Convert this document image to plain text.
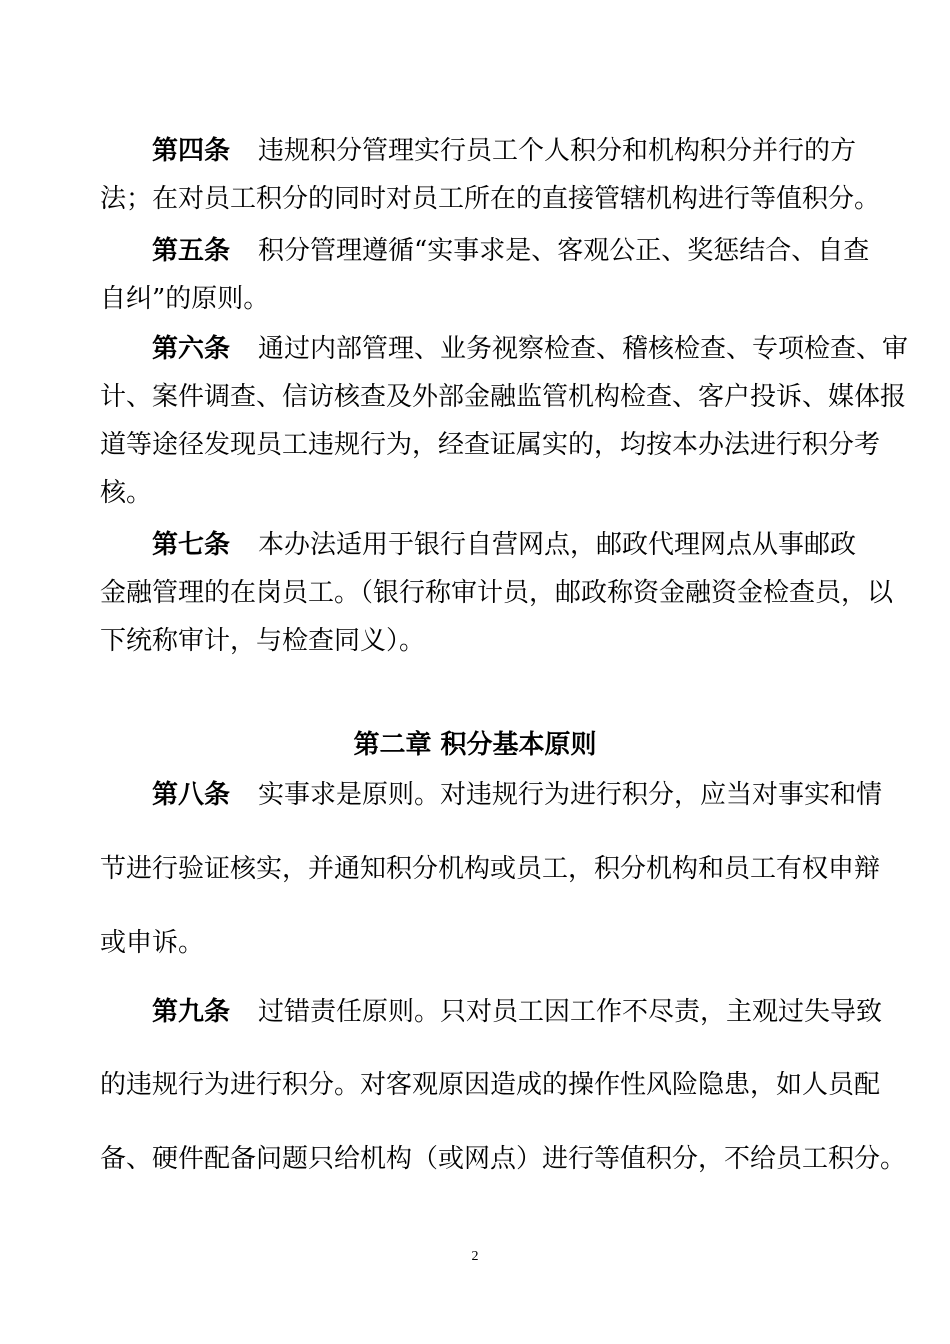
第四条 违规积分管理实行员工个人积分和机构积分并行的方
法；在对员工积分的同时对员工所在的直接管辖机构进行等值积分。
第五条 积分管理遵循“实事求是、客观公正、奖惩结合、自查
自纠”的原则。
第六条 通过内部管理、业务视察检查、稽核检查、专项检查、审
计、案件调查、信访核查及外部金融监管机构检查、客户投诉、媒体报
道等途径发现员工违规行为，经查证属实的，均按本办法进行积分考
核。
第七条 本办法适用于银行自营网点，邮政代理网点从事邮政
金融管理的在岗员工。（银行称审计员，邮政称资金融资金检查员，以
下统称审计，与检查同义）。
第二章 积分基本原则
第八条 实事求是原则。对违规行为进行积分，应当对事实和情
节进行验证核实，并通知积分机构或员工，积分机构和员工有权申辩
或申诉。
第九条 过错责任原则。只对员工因工作不尽责，主观过失导致
的违规行为进行积分。对客观原因造成的操作性风险隐患，如人员配
备、硬件配备问题只给机构（或网点）进行等值积分，不给员工积分。
2
